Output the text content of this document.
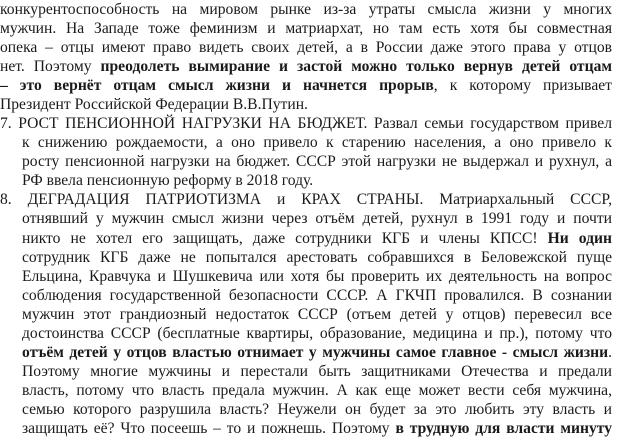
конкурентоспособность на мировом рынке из-за утраты смысла жизни у многих
мужчин. На Западе тоже феминизм и матриархат, но там есть хотя бы совместная
опека – отцы имеют право видеть своих детей, а в России даже этого права у отцов
нет. Поэтому преодолеть вымирание и застой можно только вернув детей отцам
– это вернёт отцам смысл жизни и начнется прорыв, к которому призывает
Президент Российской Федерации В.В.Путин.
7. РОСТ ПЕНСИОННОЙ НАГРУЗКИ НА БЮДЖЕТ. Развал семьи государством привел
к снижению рождаемости, а оно привело к старению населения, а оно привело к
росту пенсионной нагрузки на бюджет. СССР этой нагрузки не выдержал и рухнул, а
РФ ввела пенсионную реформу в 2018 году.
8. ДЕГРАДАЦИЯ ПАТРИОТИЗМА и КРАХ СТРАНЫ. Матриархальный СССР,
отнявший у мужчин смысл жизни через отъём детей, рухнул в 1991 году и почти
никто не хотел его защищать, даже сотрудники КГБ и члены КПСС! Ни один
сотрудник КГБ даже не попытался арестовать собравшихся в Беловежской пуще
Ельцина, Кравчука и Шушкевича или хотя бы проверить их деятельность на вопрос
соблюдения государственной безопасности СССР. А ГКЧП провалился. В сознании
мужчин этот грандиозный недостаток СССР (отъем детей у отцов) перевесил все
достоинства СССР (бесплатные квартиры, образование, медицина и пр.), потому что
отъём детей у отцов властью отнимает у мужчины самое главное - смысл жизни.
Поэтому многие мужчины и перестали быть защитниками Отечества и предали
власть, потому что власть предала мужчин. А как еще может вести себя мужчина,
семью которого разрушила власть? Неужели он будет за это любить эту власть и
защищать её? Что посеешь – то и пожнешь. Поэтому в трудную для власти минуту
